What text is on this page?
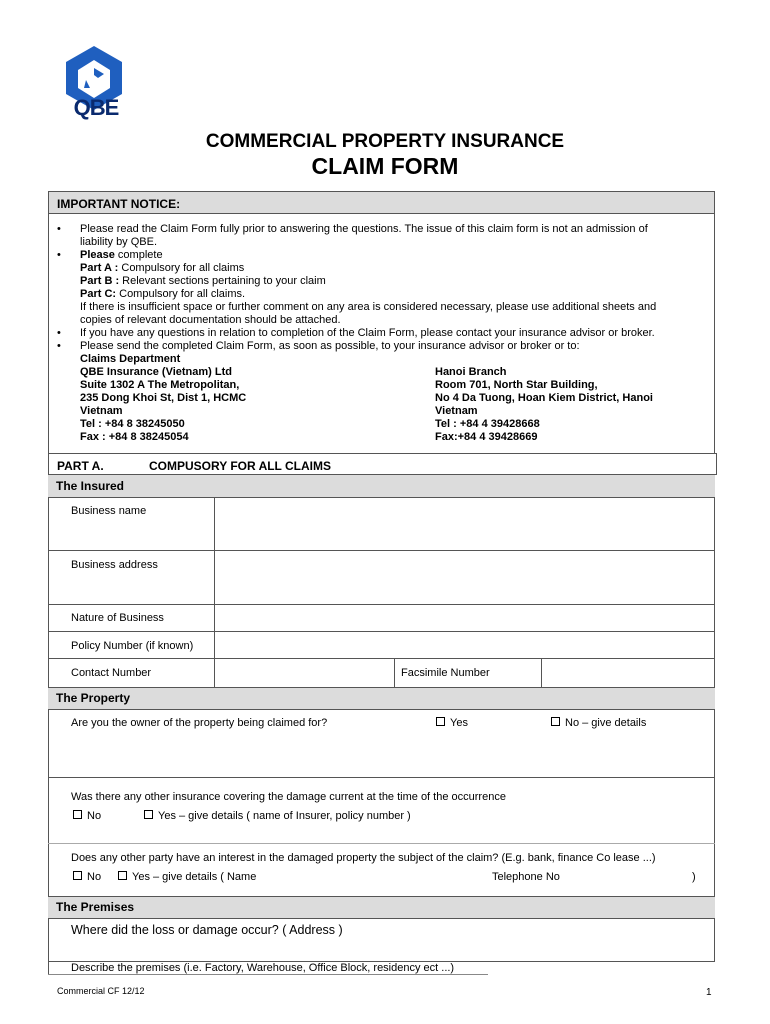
QBE
COMMERCIAL PROPERTY INSURANCE
CLAIM FORM
IMPORTANT NOTICE:
• Please read the Claim Form fully prior to answering the questions. The issue of this claim form is not an admission of
liability by QBE.
• Please complete
Part A : Compulsory for all claims
Part B : Relevant sections pertaining to your claim
Part C: Compulsory for all claims.
If there is insufficient space or further comment on any area is considered necessary, please use additional sheets and
copies of relevant documentation should be attached.
• If you have any questions in relation to completion of the Claim Form, please contact your insurance advisor or broker.
• Please send the completed Claim Form, as soon as possible, to your insurance advisor or broker or to:
Claims Department
QBE Insurance (Vietnam) Ltd
Suite 1302 A The Metropolitan,
235 Dong Khoi St, Dist 1, HCMC
Vietnam
Tel : +84 8 38245050
Fax : +84 8 38245054
Hanoi Branch
Room 701, North Star Building,
No 4 Da Tuong, Hoan Kiem District, Hanoi
Vietnam
Tel : +84 4 39428668
Fax:+84 4 39428669
PART A.	COMPUSORY FOR ALL CLAIMS
The Insured
Business name
Business address
Nature of Business
Policy Number (if known)
Contact Number	Facsimile Number
The Property
Are you the owner of the property being claimed for?	Yes	No – give details
Was there any other insurance covering the damage current at the time of the occurrence
No	Yes – give details ( name of Insurer, policy number )
Does any other party have an interest in the damaged property the subject of the claim? (E.g. bank, finance Co lease ...)
No	Yes – give details ( Name	Telephone No	)
The Premises
Where did the loss or damage occur? ( Address )
Describe the premises (i.e. Factory, Warehouse, Office Block, residency ect ...)
Commercial CF 12/12	1
